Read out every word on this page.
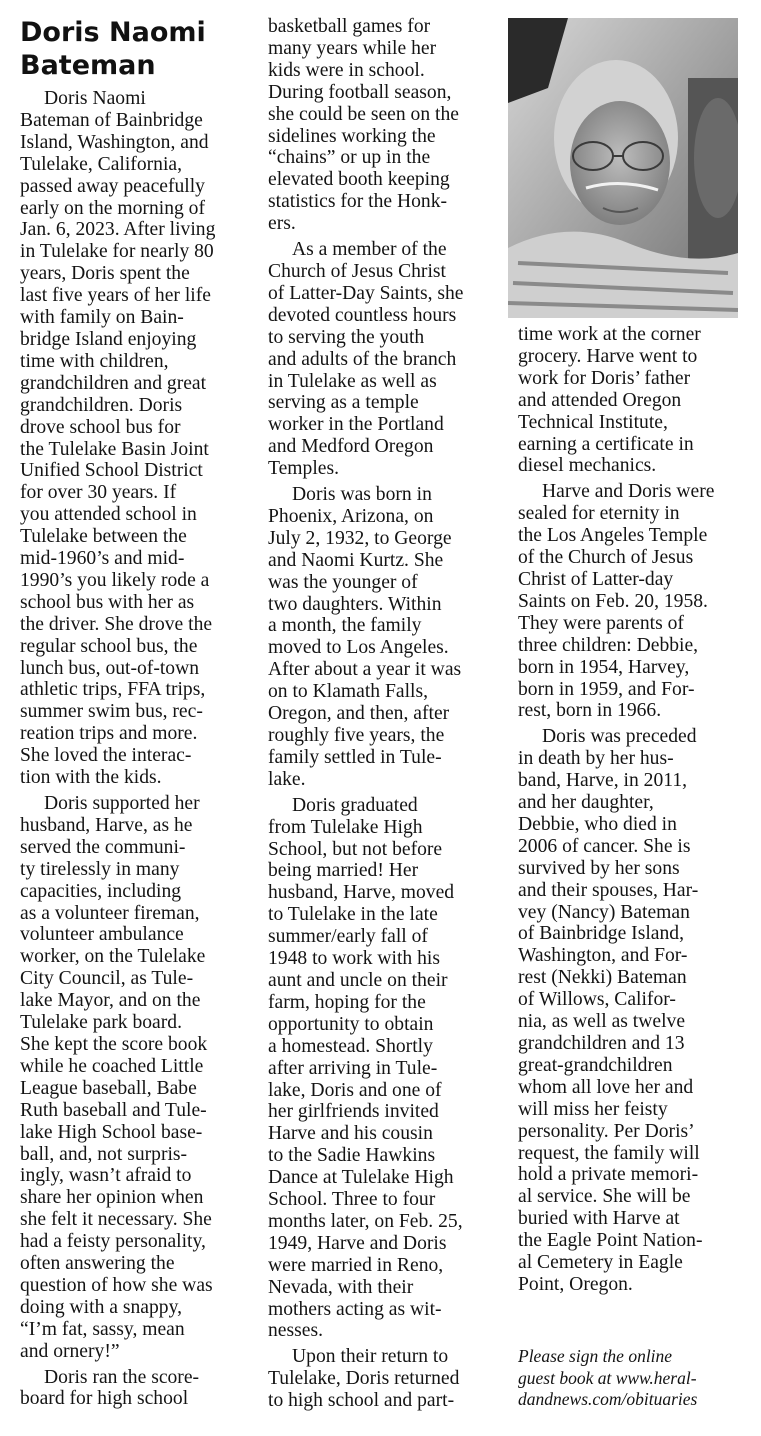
Doris Naomi
Bateman
Doris Naomi
Bateman of Bainbridge
Island, Washington, and
Tulelake, California,
passed away peacefully
early on the morning of
Jan. 6, 2023. After living
in Tulelake for nearly 80
years, Doris spent the
last five years of her life
with family on Bain-
bridge Island enjoying
time with children,
grandchildren and great
grandchildren. Doris
drove school bus for
the Tulelake Basin Joint
Unified School District
for over 30 years. If
you attended school in
Tulelake between the
mid-1960’s and mid-
1990’s you likely rode a
school bus with her as
the driver. She drove the
regular school bus, the
lunch bus, out-of-town
athletic trips, FFA trips,
summer swim bus, rec-
reation trips and more.
She loved the interac-
tion with the kids.
Doris supported her
husband, Harve, as he
served the communi-
ty tirelessly in many
capacities, including
as a volunteer fireman,
volunteer ambulance
worker, on the Tulelake
City Council, as Tule-
lake Mayor, and on the
Tulelake park board.
She kept the score book
while he coached Little
League baseball, Babe
Ruth baseball and Tule-
lake High School base-
ball, and, not surpris-
ingly, wasn’t afraid to
share her opinion when
she felt it necessary. She
had a feisty personality,
often answering the
question of how she was
doing with a snappy,
“I’m fat, sassy, mean
and ornery!”
Doris ran the score-
board for high school
basketball games for
many years while her
kids were in school.
During football season,
she could be seen on the
sidelines working the
“chains” or up in the
elevated booth keeping
statistics for the Honk-
ers.
As a member of the
Church of Jesus Christ
of Latter-Day Saints, she
devoted countless hours
to serving the youth
and adults of the branch
in Tulelake as well as
serving as a temple
worker in the Portland
and Medford Oregon
Temples.
Doris was born in
Phoenix, Arizona, on
July 2, 1932, to George
and Naomi Kurtz. She
was the younger of
two daughters. Within
a month, the family
moved to Los Angeles.
After about a year it was
on to Klamath Falls,
Oregon, and then, after
roughly five years, the
family settled in Tule-
lake.
Doris graduated
from Tulelake High
School, but not before
being married! Her
husband, Harve, moved
to Tulelake in the late
summer/early fall of
1948 to work with his
aunt and uncle on their
farm, hoping for the
opportunity to obtain
a homestead. Shortly
after arriving in Tule-
lake, Doris and one of
her girlfriends invited
Harve and his cousin
to the Sadie Hawkins
Dance at Tulelake High
School. Three to four
months later, on Feb. 25,
1949, Harve and Doris
were married in Reno,
Nevada, with their
mothers acting as wit-
nesses.
Upon their return to
Tulelake, Doris returned
to high school and part-
time work at the corner
grocery. Harve went to
work for Doris’ father
and attended Oregon
Technical Institute,
earning a certificate in
diesel mechanics.
Harve and Doris were
sealed for eternity in
the Los Angeles Temple
of the Church of Jesus
Christ of Latter-day
Saints on Feb. 20, 1958.
They were parents of
three children: Debbie,
born in 1954, Harvey,
born in 1959, and For-
rest, born in 1966.
Doris was preceded
in death by her hus-
band, Harve, in 2011,
and her daughter,
Debbie, who died in
2006 of cancer. She is
survived by her sons
and their spouses, Har-
vey (Nancy) Bateman
of Bainbridge Island,
Washington, and For-
rest (Nekki) Bateman
of Willows, Califor-
nia, as well as twelve
grandchildren and 13
great-grandchildren
whom all love her and
will miss her feisty
personality. Per Doris’
request, the family will
hold a private memori-
al service. She will be
buried with Harve at
the Eagle Point Nation-
al Cemetery in Eagle
Point, Oregon.
Please sign the online
guest book at www.heral-
dandnews.com/obituaries
